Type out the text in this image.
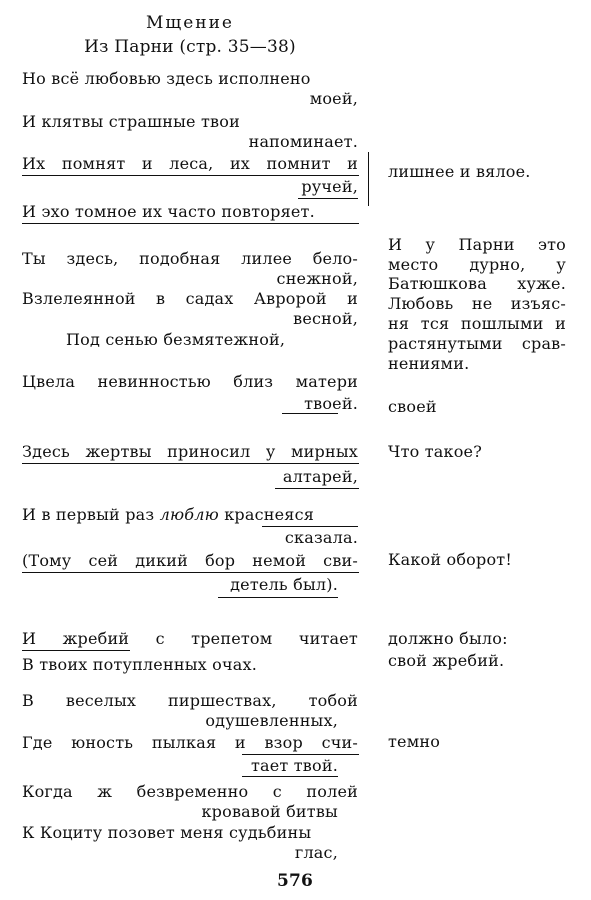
Мщение
Из Парни (стр. 35—38)
Но всё любовью здесь исполнено
моей,
И клятвы страшные твои
напоминает.
Их помнят и леса, их помнит и
ручей,
И эхо томное их часто повторяет.
Ты здесь, подобная лилее бело-
снежной,
Взлелеянной в садах Авророй и
весной,
Под сенью безмятежной,
Цвела невинностью близ матери
твоей.
Здесь жертвы приносил у мирных
алтарей,
И в первый раз люблю краснеяся
сказала.
(Тому сей дикий бор немой сви-
детель был).
И жребий с трепетом читает
В твоих потупленных очах.
В веселых пиршествах, тобой
одушевленных,
Где юность пылкая и взор счи-
тает твой.
Когда ж безвременно с полей
кровавой битвы
К Коциту позовет меня судьбины
глас,
лишнее и вялое.
И у Парни это
место дурно, у
Батюшкова хуже.
Любовь не изъяс-
ня тся пошлыми и
растянутыми срав-
нениями.
своей
Что такое?
Какой оборот!
должно было:
свой жребий.
темно
576
